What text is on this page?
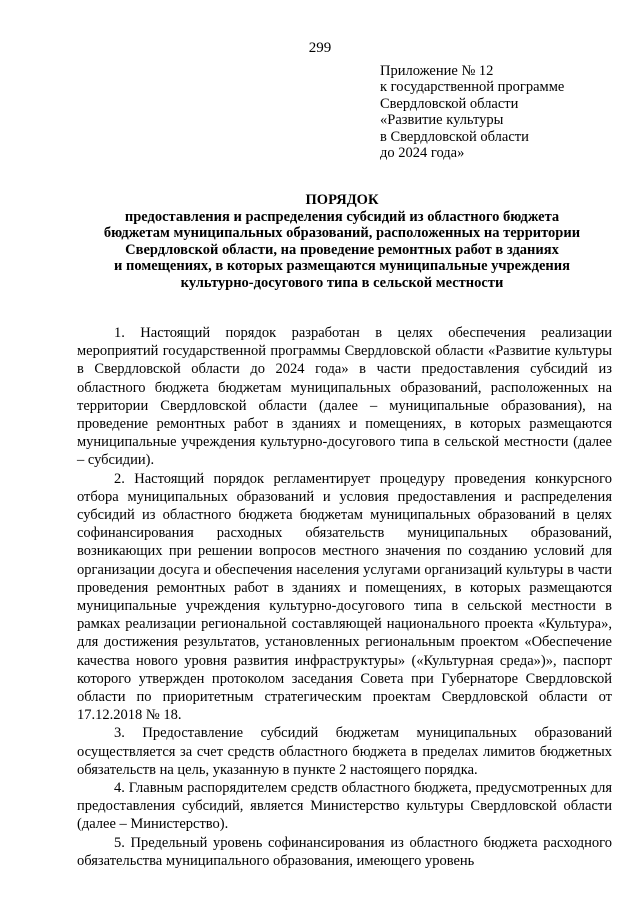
299
Приложение № 12
к государственной программе
Свердловской области
«Развитие культуры
в Свердловской области
до 2024 года»
ПОРЯДОК
предоставления и распределения субсидий из областного бюджета
бюджетам муниципальных образований, расположенных на территории
Свердловской области, на проведение ремонтных работ в зданиях
и помещениях, в которых размещаются муниципальные учреждения
культурно-досугового типа в сельской местности

1. Настоящий порядок разработан в целях обеспечения реализации мероприятий государственной программы Свердловской области «Развитие культуры в Свердловской области до 2024 года» в части предоставления субсидий из областного бюджета бюджетам муниципальных образований, расположенных на территории Свердловской области (далее – муниципальные образования), на проведение ремонтных работ в зданиях и помещениях, в которых размещаются муниципальные учреждения культурно-досугового типа в сельской местности (далее – субсидии).

2. Настоящий порядок регламентирует процедуру проведения конкурсного отбора муниципальных образований и условия предоставления и распределения субсидий из областного бюджета бюджетам муниципальных образований в целях софинансирования расходных обязательств муниципальных образований, возникающих при решении вопросов местного значения по созданию условий для организации досуга и обеспечения населения услугами организаций культуры в части проведения ремонтных работ в зданиях и помещениях, в которых размещаются муниципальные учреждения культурно-досугового типа в сельской местности в рамках реализации региональной составляющей национального проекта «Культура», для достижения результатов, установленных региональным проектом «Обеспечение качества нового уровня развития инфраструктуры» («Культурная среда»)», паспорт которого утвержден протоколом заседания Совета при Губернаторе Свердловской области по приоритетным стратегическим проектам Свердловской области от 17.12.2018 № 18.

3. Предоставление субсидий бюджетам муниципальных образований осуществляется за счет средств областного бюджета в пределах лимитов бюджетных обязательств на цель, указанную в пункте 2 настоящего порядка.

4. Главным распорядителем средств областного бюджета, предусмотренных для предоставления субсидий, является Министерство культуры Свердловской области (далее – Министерство).

5. Предельный уровень софинансирования из областного бюджета расходного обязательства муниципального образования, имеющего уровень
